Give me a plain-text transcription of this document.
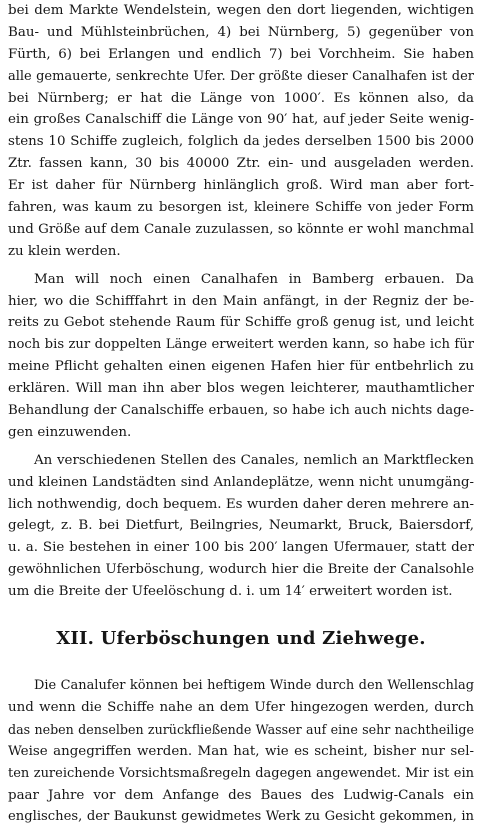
bei dem Markte Wendelstein, wegen den dort liegenden, wichtigen
Bau- und Mühlsteinbrüchen, 4) bei Nürnberg, 5) gegenüber von
Fürth, 6) bei Erlangen und endlich 7) bei Vorchheim. Sie haben
alle gemauerte, senkrechte Ufer. Der größte dieser Canalhafen ist der
bei Nürnberg; er hat die Länge von 1000′. Es können also, da
ein großes Canalschiff die Länge von 90′ hat, auf jeder Seite wenig-
stens 10 Schiffe zugleich, folglich da jedes derselben 1500 bis 2000
Ztr. fassen kann, 30 bis 40000 Ztr. ein- und ausgeladen werden.
Er ist daher für Nürnberg hinlänglich groß. Wird man aber fort-
fahren, was kaum zu besorgen ist, kleinere Schiffe von jeder Form
und Größe auf dem Canale zuzulassen, so könnte er wohl manchmal
zu klein werden.
Man will noch einen Canalhafen in Bamberg erbauen. Da
hier, wo die Schifffahrt in den Main anfängt, in der Regniz der be-
reits zu Gebot stehende Raum für Schiffe groß genug ist, und leicht
noch bis zur doppelten Länge erweitert werden kann, so habe ich für
meine Pflicht gehalten einen eigenen Hafen hier für entbehrlich zu
erklären. Will man ihn aber blos wegen leichterer, mauthamtlicher
Behandlung der Canalschiffe erbauen, so habe ich auch nichts dage-
gen einzuwenden.
An verschiedenen Stellen des Canales, nemlich an Marktflecken
und kleinen Landstädten sind Anlandeplätze, wenn nicht unumgäng-
lich nothwendig, doch bequem. Es wurden daher deren mehrere an-
gelegt, z. B. bei Dietfurt, Beilngries, Neumarkt, Bruck, Baiersdorf,
u. a. Sie bestehen in einer 100 bis 200′ langen Ufermauer, statt der
gewöhnlichen Uferböschung, wodurch hier die Breite der Canalsohle
um die Breite der Ufeelöschung d. i. um 14′ erweitert worden ist.
XII. Uferböschungen und Ziehwege.
Die Canalufer können bei heftigem Winde durch den Wellenschlag
und wenn die Schiffe nahe an dem Ufer hingezogen werden, durch
das neben denselben zurückfließende Wasser auf eine sehr nachtheilige
Weise angegriffen werden. Man hat, wie es scheint, bisher nur sel-
ten zureichende Vorsichtsmaßregeln dagegen angewendet. Mir ist ein
paar Jahre vor dem Anfange des Baues des Ludwig-Canals ein
englisches, der Baukunst gewidmetes Werk zu Gesicht gekommen, in
